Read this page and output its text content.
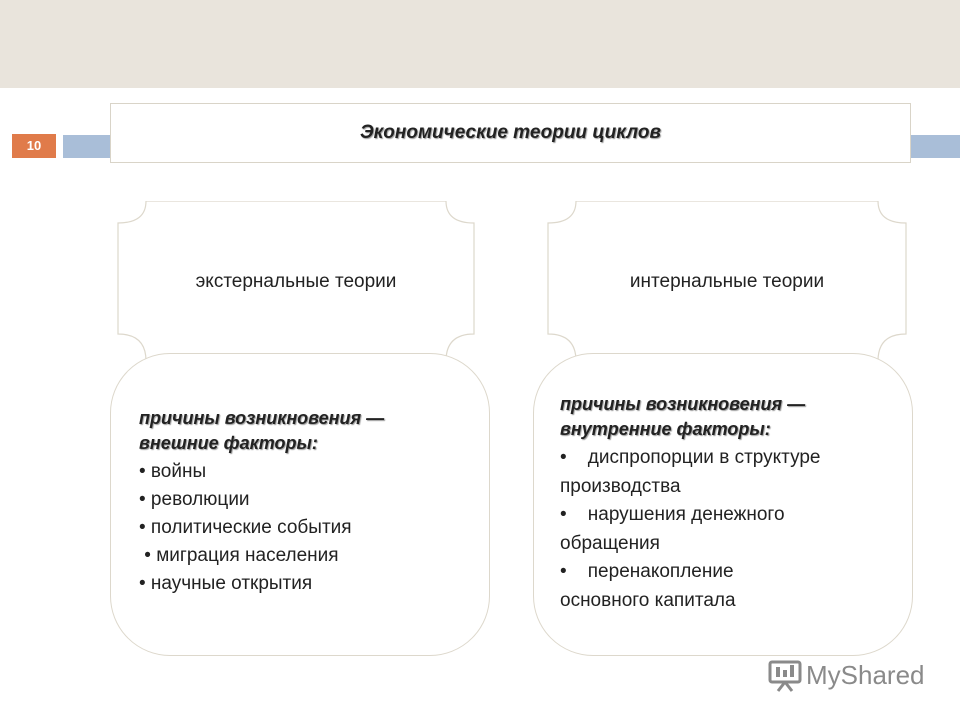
10
Экономические теории циклов
экстернальные теории	интернальные теории
причины возникновения —
внешние факторы:
• войны
• революции
• политические события
• миграция населения
• научные открытия
причины возникновения —
внутренние факторы:
•    диспропорции в структуре
производства
•    нарушения денежного
обращения
•    перенакопление
основного капитала
MyShared
